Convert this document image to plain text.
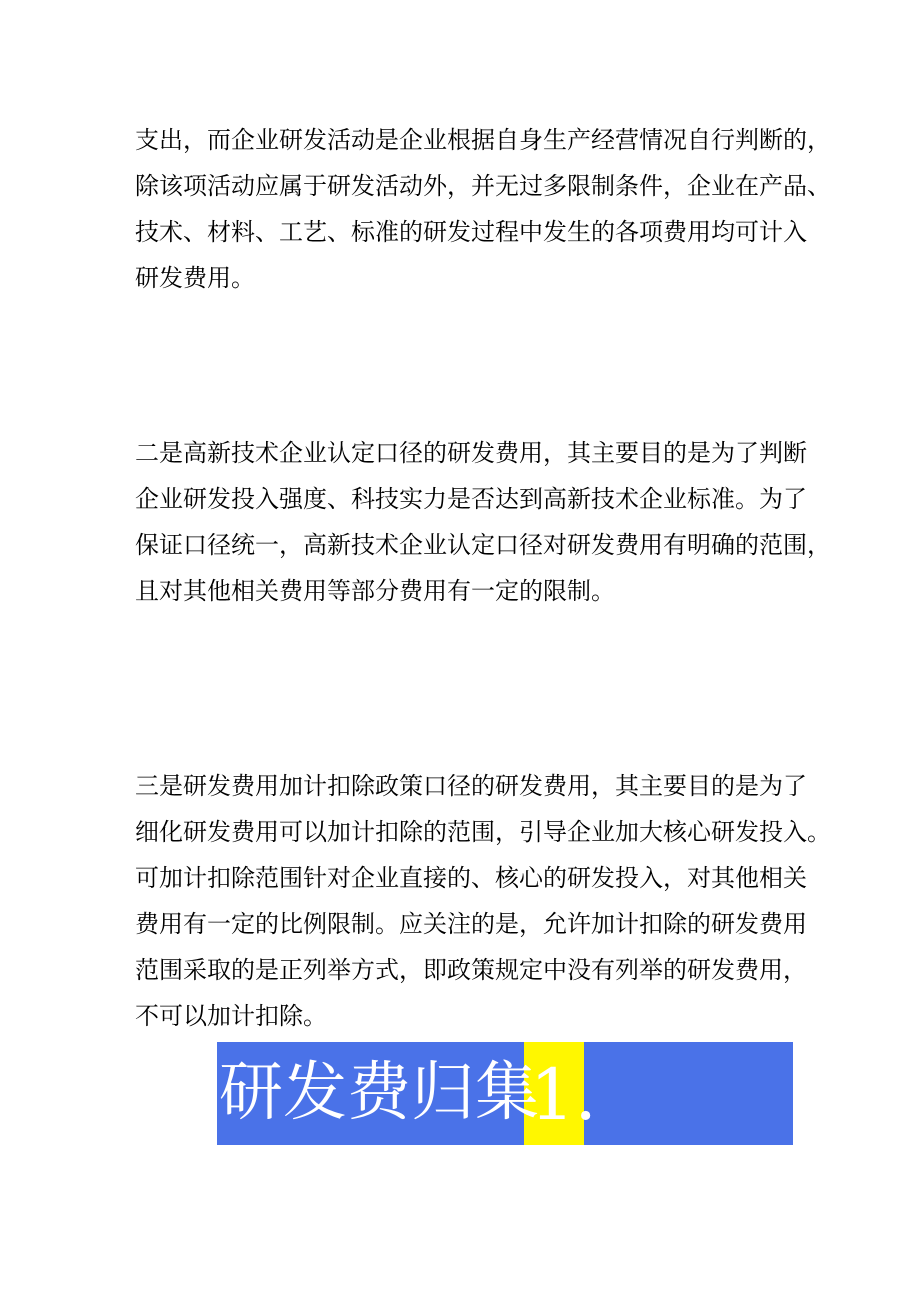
支出，而企业研发活动是企业根据自身生产经营情况自行判断的，
除该项活动应属于研发活动外，并无过多限制条件，企业在产品、
技术、材料、工艺、标准的研发过程中发生的各项费用均可计入
研发费用。
二是高新技术企业认定口径的研发费用，其主要目的是为了判断
企业研发投入强度、科技实力是否达到高新技术企业标准。为了
保证口径统一，高新技术企业认定口径对研发费用有明确的范围，
且对其他相关费用等部分费用有一定的限制。
三是研发费用加计扣除政策口径的研发费用，其主要目的是为了
细化研发费用可以加计扣除的范围，引导企业加大核心研发投入。
可加计扣除范围针对企业直接的、核心的研发投入，对其他相关
费用有一定的比例限制。应关注的是，允许加计扣除的研发费用
范围采取的是正列举方式，即政策规定中没有列举的研发费用，
不可以加计扣除。
研发费归集
1.
